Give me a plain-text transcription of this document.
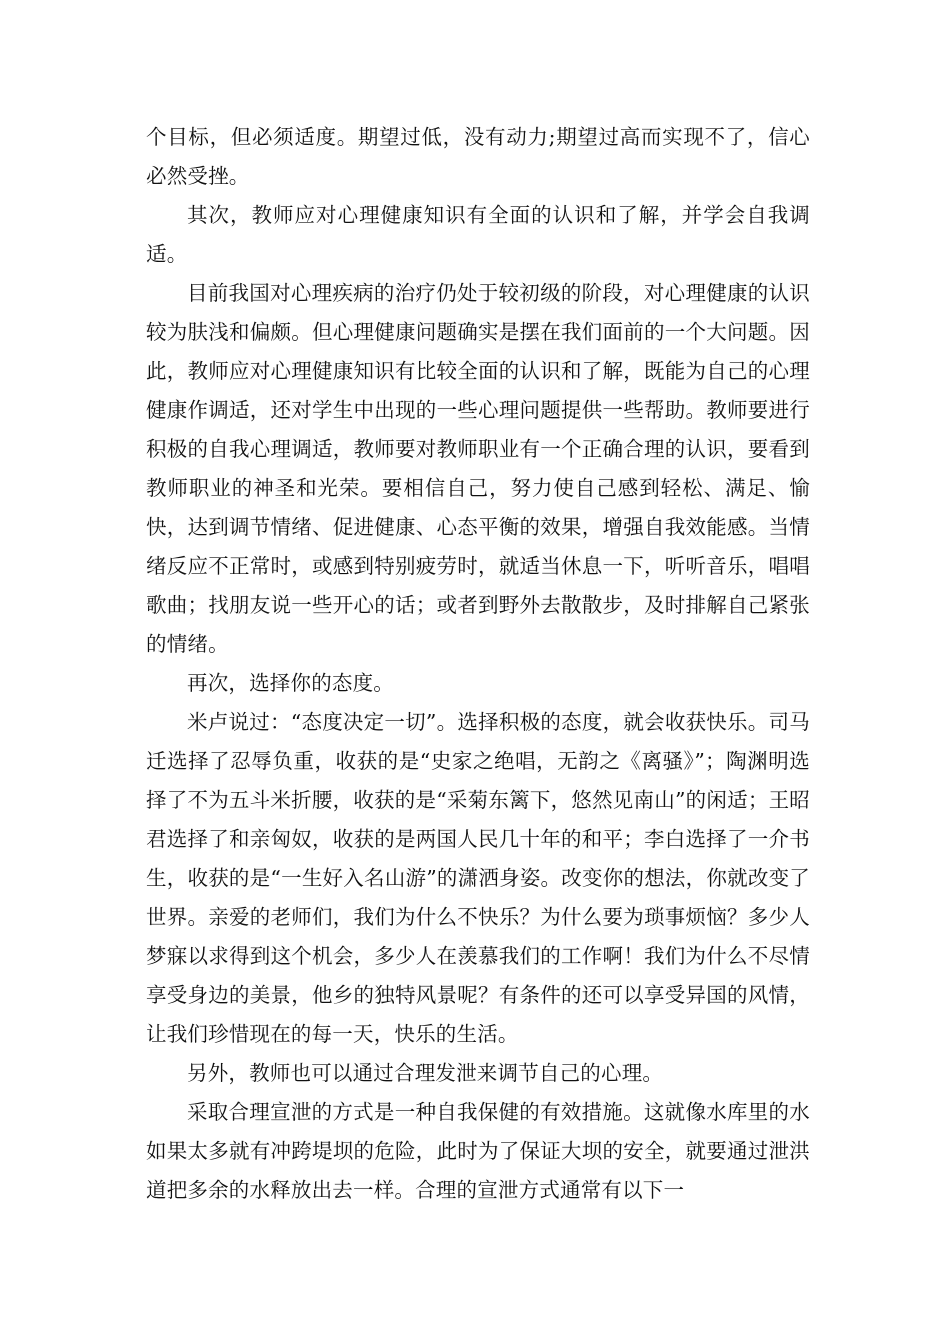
个目标，但必须适度。期望过低，没有动力;期望过高而实现不了，信心必然受挫。

其次，教师应对心理健康知识有全面的认识和了解，并学会自我调适。

目前我国对心理疾病的治疗仍处于较初级的阶段，对心理健康的认识较为肤浅和偏颇。但心理健康问题确实是摆在我们面前的一个大问题。因此，教师应对心理健康知识有比较全面的认识和了解，既能为自己的心理健康作调适，还对学生中出现的一些心理问题提供一些帮助。教师要进行积极的自我心理调适，教师要对教师职业有一个正确合理的认识，要看到教师职业的神圣和光荣。要相信自己，努力使自己感到轻松、满足、愉快，达到调节情绪、促进健康、心态平衡的效果，增强自我效能感。当情绪反应不正常时，或感到特别疲劳时，就适当休息一下，听听音乐，唱唱歌曲；找朋友说一些开心的话；或者到野外去散散步，及时排解自己紧张的情绪。

再次，选择你的态度。

米卢说过：“态度决定一切”。选择积极的态度，就会收获快乐。司马迁选择了忍辱负重，收获的是“史家之绝唱，无韵之《离骚》”；陶渊明选择了不为五斗米折腰，收获的是“采菊东篱下，悠然见南山”的闲适；王昭君选择了和亲匈奴，收获的是两国人民几十年的和平；李白选择了一介书生，收获的是“一生好入名山游”的潇洒身姿。改变你的想法，你就改变了世界。亲爱的老师们，我们为什么不快乐？为什么要为琐事烦恼？多少人梦寐以求得到这个机会，多少人在羡慕我们的工作啊！我们为什么不尽情享受身边的美景，他乡的独特风景呢？有条件的还可以享受异国的风情，让我们珍惜现在的每一天，快乐的生活。

另外，教师也可以通过合理发泄来调节自己的心理。

采取合理宣泄的方式是一种自我保健的有效措施。这就像水库里的水如果太多就有冲跨堤坝的危险，此时为了保证大坝的安全，就要通过泄洪道把多余的水释放出去一样。合理的宣泄方式通常有以下一
